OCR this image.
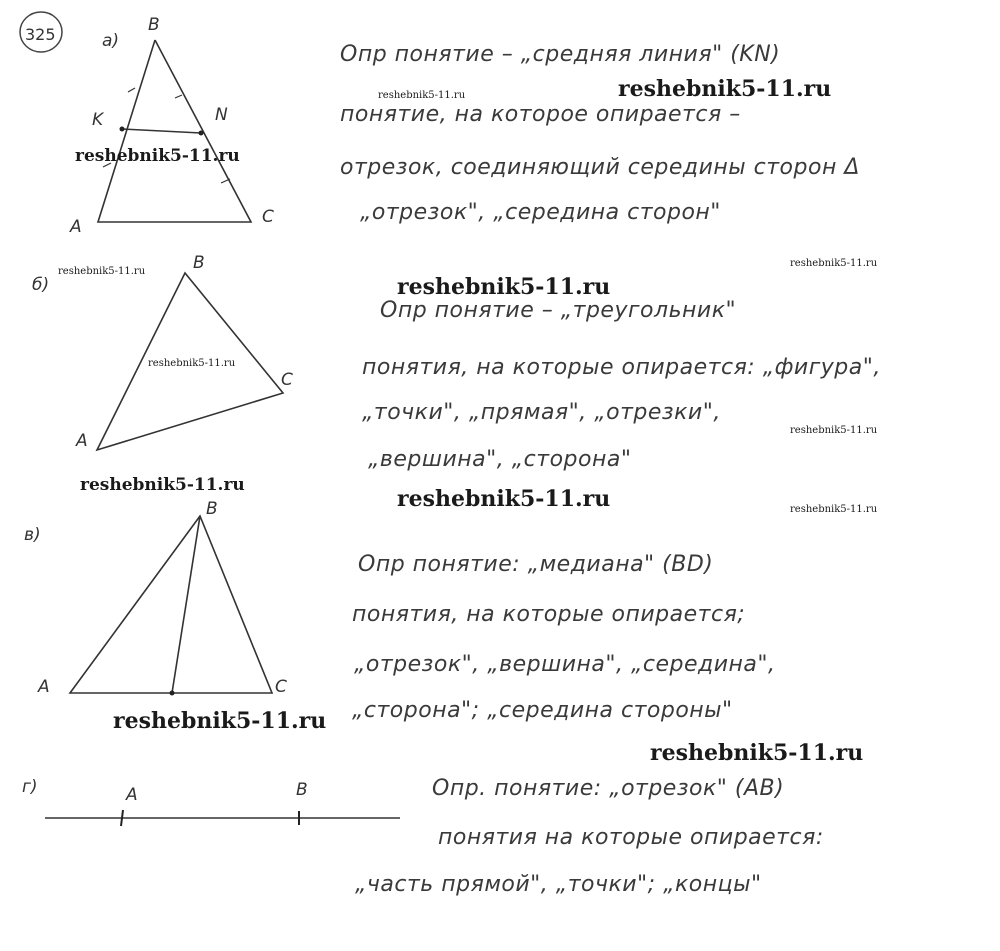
325	B
K	N
A	C
а)
B
C
A
б)
B
A	C
в)
A	B
г)
Опр понятие – „средняя линия" (KN)
понятие, на которое опирается –
отрезок, соединяющий середины сторон Δ
„отрезок", „середина сторон"
Опр понятие – „треугольник"
понятия, на которые опирается: „фигура",
„точки", „прямая", „отрезки",
„вершина", „сторона"
Опр понятие: „медиана" (BD)
понятия, на которые опирается;
„отрезок", „вершина", „середина",
„сторона"; „середина стороны"
Опр. понятие: „отрезок" (AB)
понятия на которые опирается:
„часть прямой", „точки"; „концы"
reshebnik5-11.ru
reshebnik5-11.ru
reshebnik5-11.ru
reshebnik5-11.ru
reshebnik5-11.ru
reshebnik5-11.ru
reshebnik5-11.ru
reshebnik5-11.ru
reshebnik5-11.ru
reshebnik5-11.ru	reshebnik5-11.ru
reshebnik5-11.ru
reshebnik5-11.ru
